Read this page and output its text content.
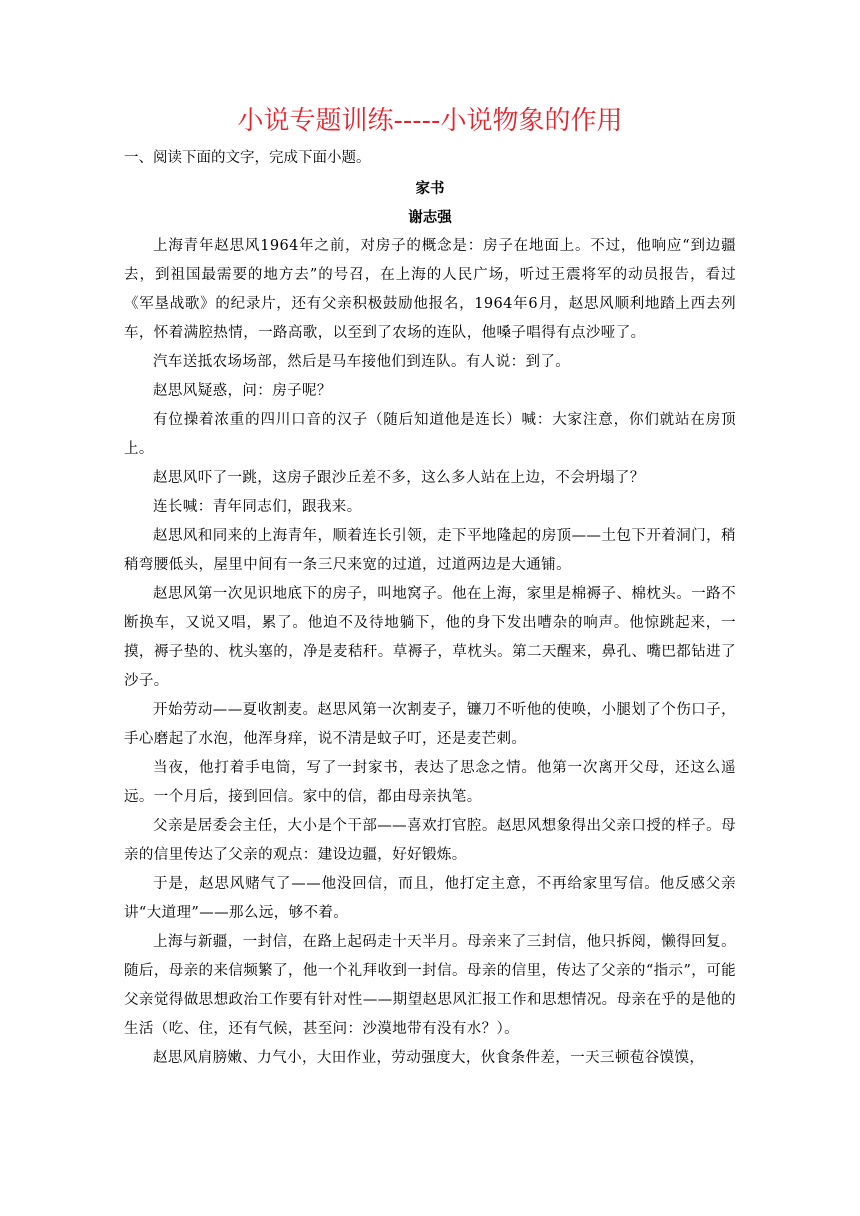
小说专题训练-----小说物象的作用
一、阅读下面的文字，完成下面小题。
家书
谢志强

上海青年赵思风1964年之前，对房子的概念是：房子在地面上。不过，他响应“到边疆去，到祖国最需要的地方去”的号召，在上海的人民广场，听过王震将军的动员报告，看过《军垦战歌》的纪录片，还有父亲积极鼓励他报名，1964年6月，赵思风顺利地踏上西去列车，怀着满腔热情，一路高歌，以至到了农场的连队，他嗓子唱得有点沙哑了。

汽车送抵农场场部，然后是马车接他们到连队。有人说：到了。

赵思风疑惑，问：房子呢？

有位操着浓重的四川口音的汉子（随后知道他是连长）喊：大家注意，你们就站在房顶上。

赵思风吓了一跳，这房子跟沙丘差不多，这么多人站在上边，不会坍塌了？

连长喊：青年同志们，跟我来。

赵思风和同来的上海青年，顺着连长引领，走下平地隆起的房顶——土包下开着洞门，稍稍弯腰低头，屋里中间有一条三尺来宽的过道，过道两边是大通铺。

赵思风第一次见识地底下的房子，叫地窝子。他在上海，家里是棉褥子、棉枕头。一路不断换车，又说又唱，累了。他迫不及待地躺下，他的身下发出嘈杂的响声。他惊跳起来，一摸，褥子垫的、枕头塞的，净是麦秸秆。草褥子，草枕头。第二天醒来，鼻孔、嘴巴都钻进了沙子。

开始劳动——夏收割麦。赵思风第一次割麦子，镰刀不听他的使唤，小腿划了个伤口子，手心磨起了水泡，他浑身痒，说不清是蚊子叮，还是麦芒刺。

当夜，他打着手电筒，写了一封家书，表达了思念之情。他第一次离开父母，还这么遥远。一个月后，接到回信。家中的信，都由母亲执笔。

父亲是居委会主任，大小是个干部——喜欢打官腔。赵思风想象得出父亲口授的样子。母亲的信里传达了父亲的观点：建设边疆，好好锻炼。

于是，赵思风赌气了——他没回信，而且，他打定主意，不再给家里写信。他反感父亲讲“大道理”——那么远，够不着。

上海与新疆，一封信，在路上起码走十天半月。母亲来了三封信，他只拆阅，懒得回复。随后，母亲的来信频繁了，他一个礼拜收到一封信。母亲的信里，传达了父亲的“指示”，可能父亲觉得做思想政治工作要有针对性——期望赵思风汇报工作和思想情况。母亲在乎的是他的生活（吃、住，还有气候，甚至问：沙漠地带有没有水？）。

赵思风肩膀嫩、力气小，大田作业，劳动强度大，伙食条件差，一天三顿苞谷馍馍，
